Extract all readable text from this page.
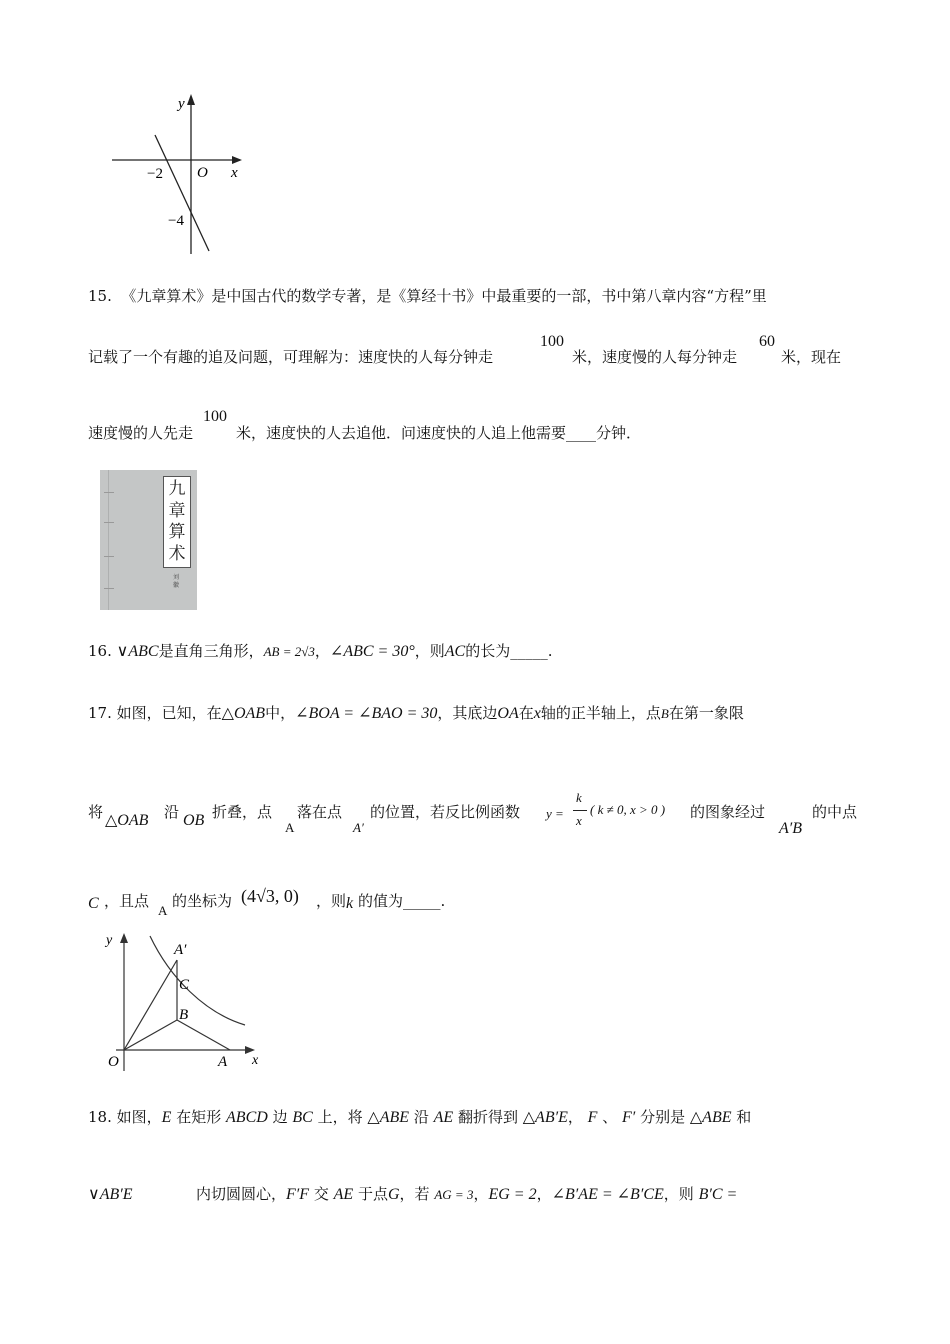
y
x
O
−2
−4
15. 《九章算术》是中国古代的数学专著，是《算经十书》中最重要的一部，书中第八章内容“方程”里
记载了一个有趣的追及问题，可理解为：速度快的人每分钟走
100
米，速度慢的人每分钟走
60
米，现在
速度慢的人先走
100
米，速度快的人去追他．问速度快的人追上他需要____分钟．
九
章
算
术
刘
徽
16. ∨ABC是直角三角形，AB = 2√3，∠ABC = 30°，则AC的长为_____.
17. 如图，已知，在△OAB中，∠BOA = ∠BAO = 30，其底边OA在x轴的正半轴上，点B在第一象限
将 △OAB 沿 OB 折叠，点
A
落在点
A′
的位置，若反比例函数 y =
k
x
( k ≠ 0, x > 0 ) 的图象经过
A′B
的中点
C ，且点
A
的坐标为 (4√3, 0) ，则 k 的值为_____.
y
x
O	A
A′
B
C
18. 如图，E 在矩形 ABCD 边 BC 上，将 △ABE 沿 AE 翻折得到 △AB′E， F 、 F′ 分别是 △ABE 和
∨AB′E	内切圆圆心，F′F 交 AE 于点G，若 AG = 3，EG = 2，∠B′AE = ∠B′CE，则 B′C =
